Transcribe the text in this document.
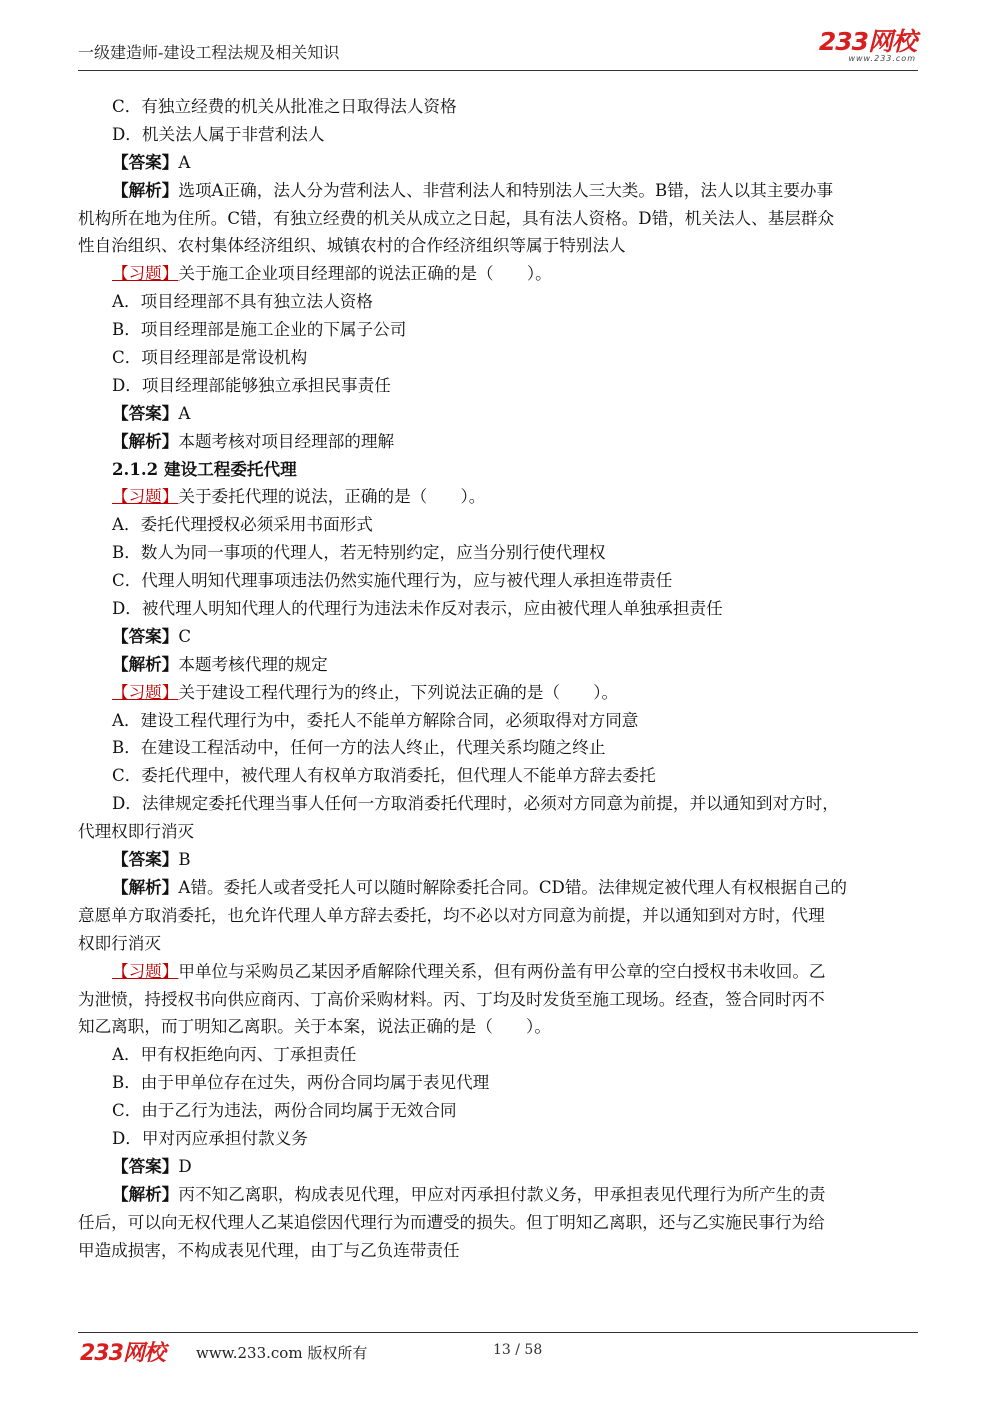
一级建造师-建设工程法规及相关知识	233网校
www.233.com
C．有独立经费的机关从批准之日取得法人资格
D．机关法人属于非营利法人
【答案】A
【解析】选项A正确，法人分为营利法人、非营利法人和特别法人三大类。B错，法人以其主要办事
机构所在地为住所。C错，有独立经费的机关从成立之日起，具有法人资格。D错，机关法人、基层群众
性自治组织、农村集体经济组织、城镇农村的合作经济组织等属于特别法人
【习题】关于施工企业项目经理部的说法正确的是（　　）。
A．项目经理部不具有独立法人资格
B．项目经理部是施工企业的下属子公司
C．项目经理部是常设机构
D．项目经理部能够独立承担民事责任
【答案】A
【解析】本题考核对项目经理部的理解
2.1.2 建设工程委托代理
【习题】关于委托代理的说法，正确的是（　　）。
A．委托代理授权必须采用书面形式
B．数人为同一事项的代理人，若无特别约定，应当分别行使代理权
C．代理人明知代理事项违法仍然实施代理行为，应与被代理人承担连带责任
D．被代理人明知代理人的代理行为违法未作反对表示，应由被代理人单独承担责任
【答案】C
【解析】本题考核代理的规定
【习题】关于建设工程代理行为的终止，下列说法正确的是（　　）。
A．建设工程代理行为中，委托人不能单方解除合同，必须取得对方同意
B．在建设工程活动中，任何一方的法人终止，代理关系均随之终止
C．委托代理中，被代理人有权单方取消委托，但代理人不能单方辞去委托
D．法律规定委托代理当事人任何一方取消委托代理时，必须对方同意为前提，并以通知到对方时，
代理权即行消灭
【答案】B
【解析】A错。委托人或者受托人可以随时解除委托合同。CD错。法律规定被代理人有权根据自己的
意愿单方取消委托，也允许代理人单方辞去委托，均不必以对方同意为前提，并以通知到对方时，代理
权即行消灭
【习题】甲单位与采购员乙某因矛盾解除代理关系，但有两份盖有甲公章的空白授权书未收回。乙
为泄愤，持授权书向供应商丙、丁高价采购材料。丙、丁均及时发货至施工现场。经查，签合同时丙不
知乙离职，而丁明知乙离职。关于本案，说法正确的是（　　）。
A．甲有权拒绝向丙、丁承担责任
B．由于甲单位存在过失，两份合同均属于表见代理
C．由于乙行为违法，两份合同均属于无效合同
D．甲对丙应承担付款义务
【答案】D
【解析】丙不知乙离职，构成表见代理，甲应对丙承担付款义务，甲承担表见代理行为所产生的责
任后，可以向无权代理人乙某追偿因代理行为而遭受的损失。但丁明知乙离职，还与乙实施民事行为给
甲造成损害，不构成表见代理，由丁与乙负连带责任
233网校 www.233.com 版权所有	13 / 58
